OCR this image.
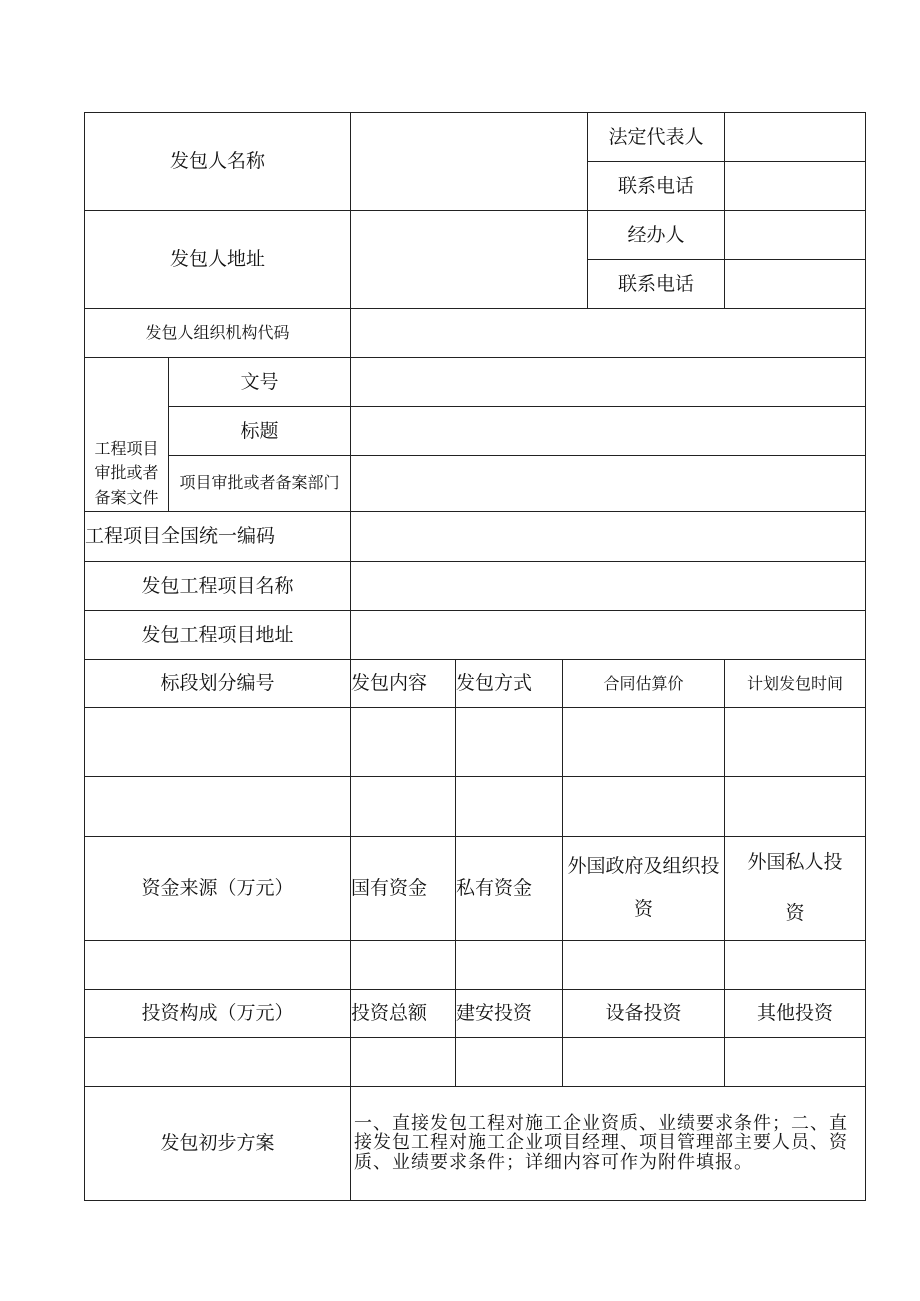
发包人名称					法定代表人	
					联系电话	
发包人地址					经办人	
					联系电话	
发包人组织机构代码						
工程项目审批或者备案文件	文号					
	标题					
	项目审批或者备案部门					
工程项目全国统一编码						
发包工程项目名称						
发包工程项目地址						
标段划分编号		发包内容	发包方式	合同估算价		计划发包时间

资金来源（万元）		国有资金	私有资金	外国政府及组织投资		外国私人投资

投资构成（万元）		投资总额	建安投资	设备投资		其他投资

发包初步方案		一、直接发包工程对施工企业资质、业绩要求条件；二、直接发包工程对施工企业项目经理、项目管理部主要人员、资质、业绩要求条件；详细内容可作为附件填报。				
